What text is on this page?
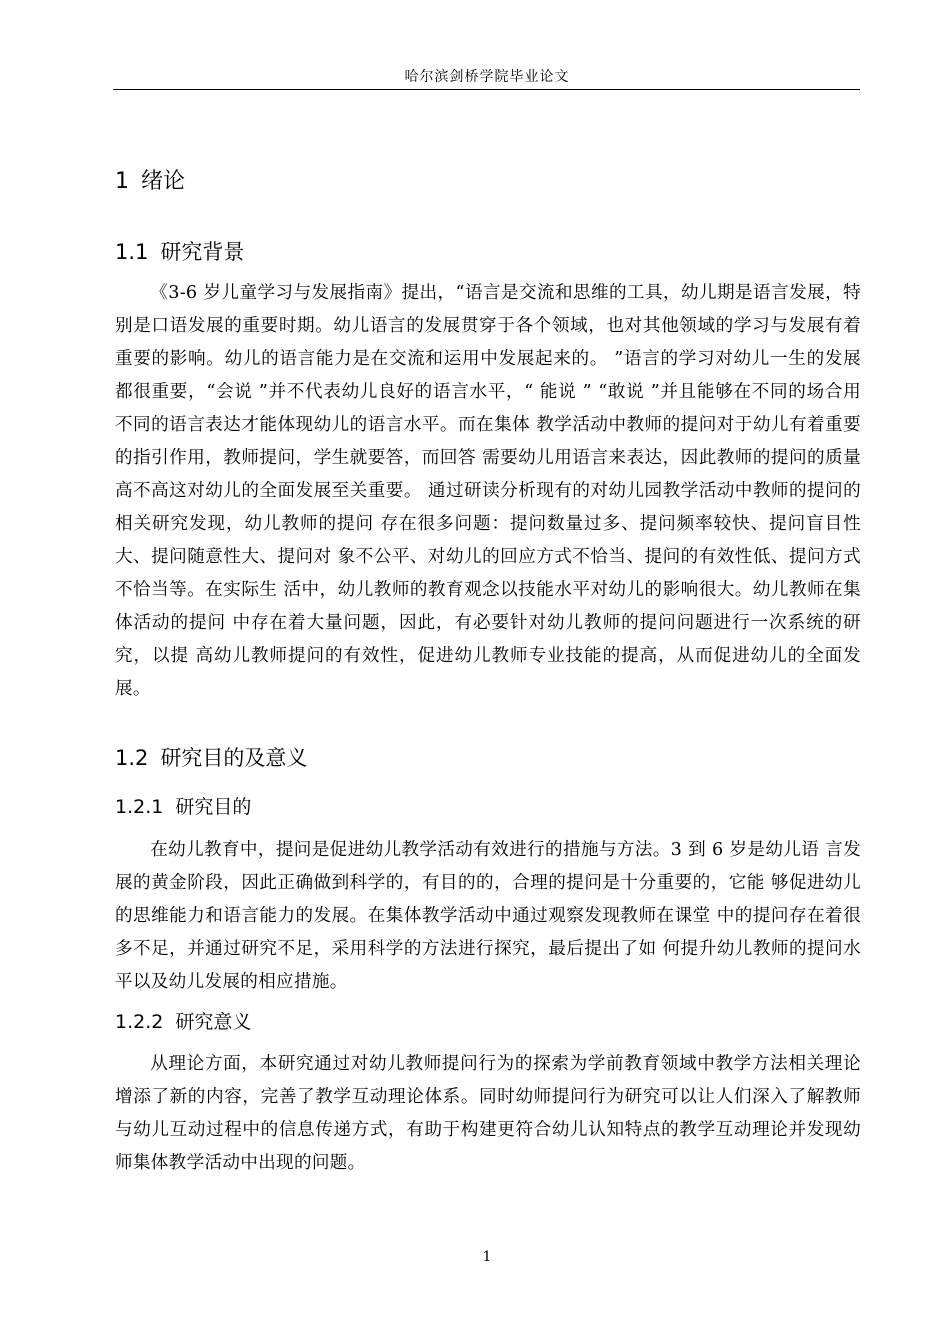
哈尔滨剑桥学院毕业论文
1 绪论
1.1 研究背景

《3-6 岁儿童学习与发展指南》提出，“语言是交流和思维的工具，幼儿期是语言发展，特别是口语发展的重要时期。幼儿语言的发展贯穿于各个领域，也对其他领域的学习与发展有着重要的影响。幼儿的语言能力是在交流和运用中发展起来的。 ”语言的学习对幼儿一生的发展都很重要，“会说 ”并不代表幼儿良好的语言水平，“ 能说 ” “敢说 ”并且能够在不同的场合用不同的语言表达才能体现幼儿的语言水平。而在集体 教学活动中教师的提问对于幼儿有着重要的指引作用，教师提问，学生就要答，而回答 需要幼儿用语言来表达，因此教师的提问的质量高不高这对幼儿的全面发展至关重要。 通过研读分析现有的对幼儿园教学活动中教师的提问的相关研究发现，幼儿教师的提问 存在很多问题：提问数量过多、提问频率较快、提问盲目性大、提问随意性大、提问对 象不公平、对幼儿的回应方式不恰当、提问的有效性低、提问方式不恰当等。在实际生 活中，幼儿教师的教育观念以技能水平对幼儿的影响很大。幼儿教师在集体活动的提问 中存在着大量问题，因此，有必要针对幼儿教师的提问问题进行一次系统的研究，以提 高幼儿教师提问的有效性，促进幼儿教师专业技能的提高，从而促进幼儿的全面发展。

1.2 研究目的及意义
1.2.1 研究目的

在幼儿教育中，提问是促进幼儿教学活动有效进行的措施与方法。3 到 6 岁是幼儿语 言发展的黄金阶段，因此正确做到科学的，有目的的，合理的提问是十分重要的，它能 够促进幼儿的思维能力和语言能力的发展。在集体教学活动中通过观察发现教师在课堂 中的提问存在着很多不足，并通过研究不足，采用科学的方法进行探究，最后提出了如 何提升幼儿教师的提问水平以及幼儿发展的相应措施。

1.2.2 研究意义

从理论方面，本研究通过对幼儿教师提问行为的探索为学前教育领域中教学方法相关理论增添了新的内容，完善了教学互动理论体系。同时幼师提问行为研究可以让人们深入了解教师与幼儿互动过程中的信息传递方式，有助于构建更符合幼儿认知特点的教学互动理论并发现幼师集体教学活动中出现的问题。

1
